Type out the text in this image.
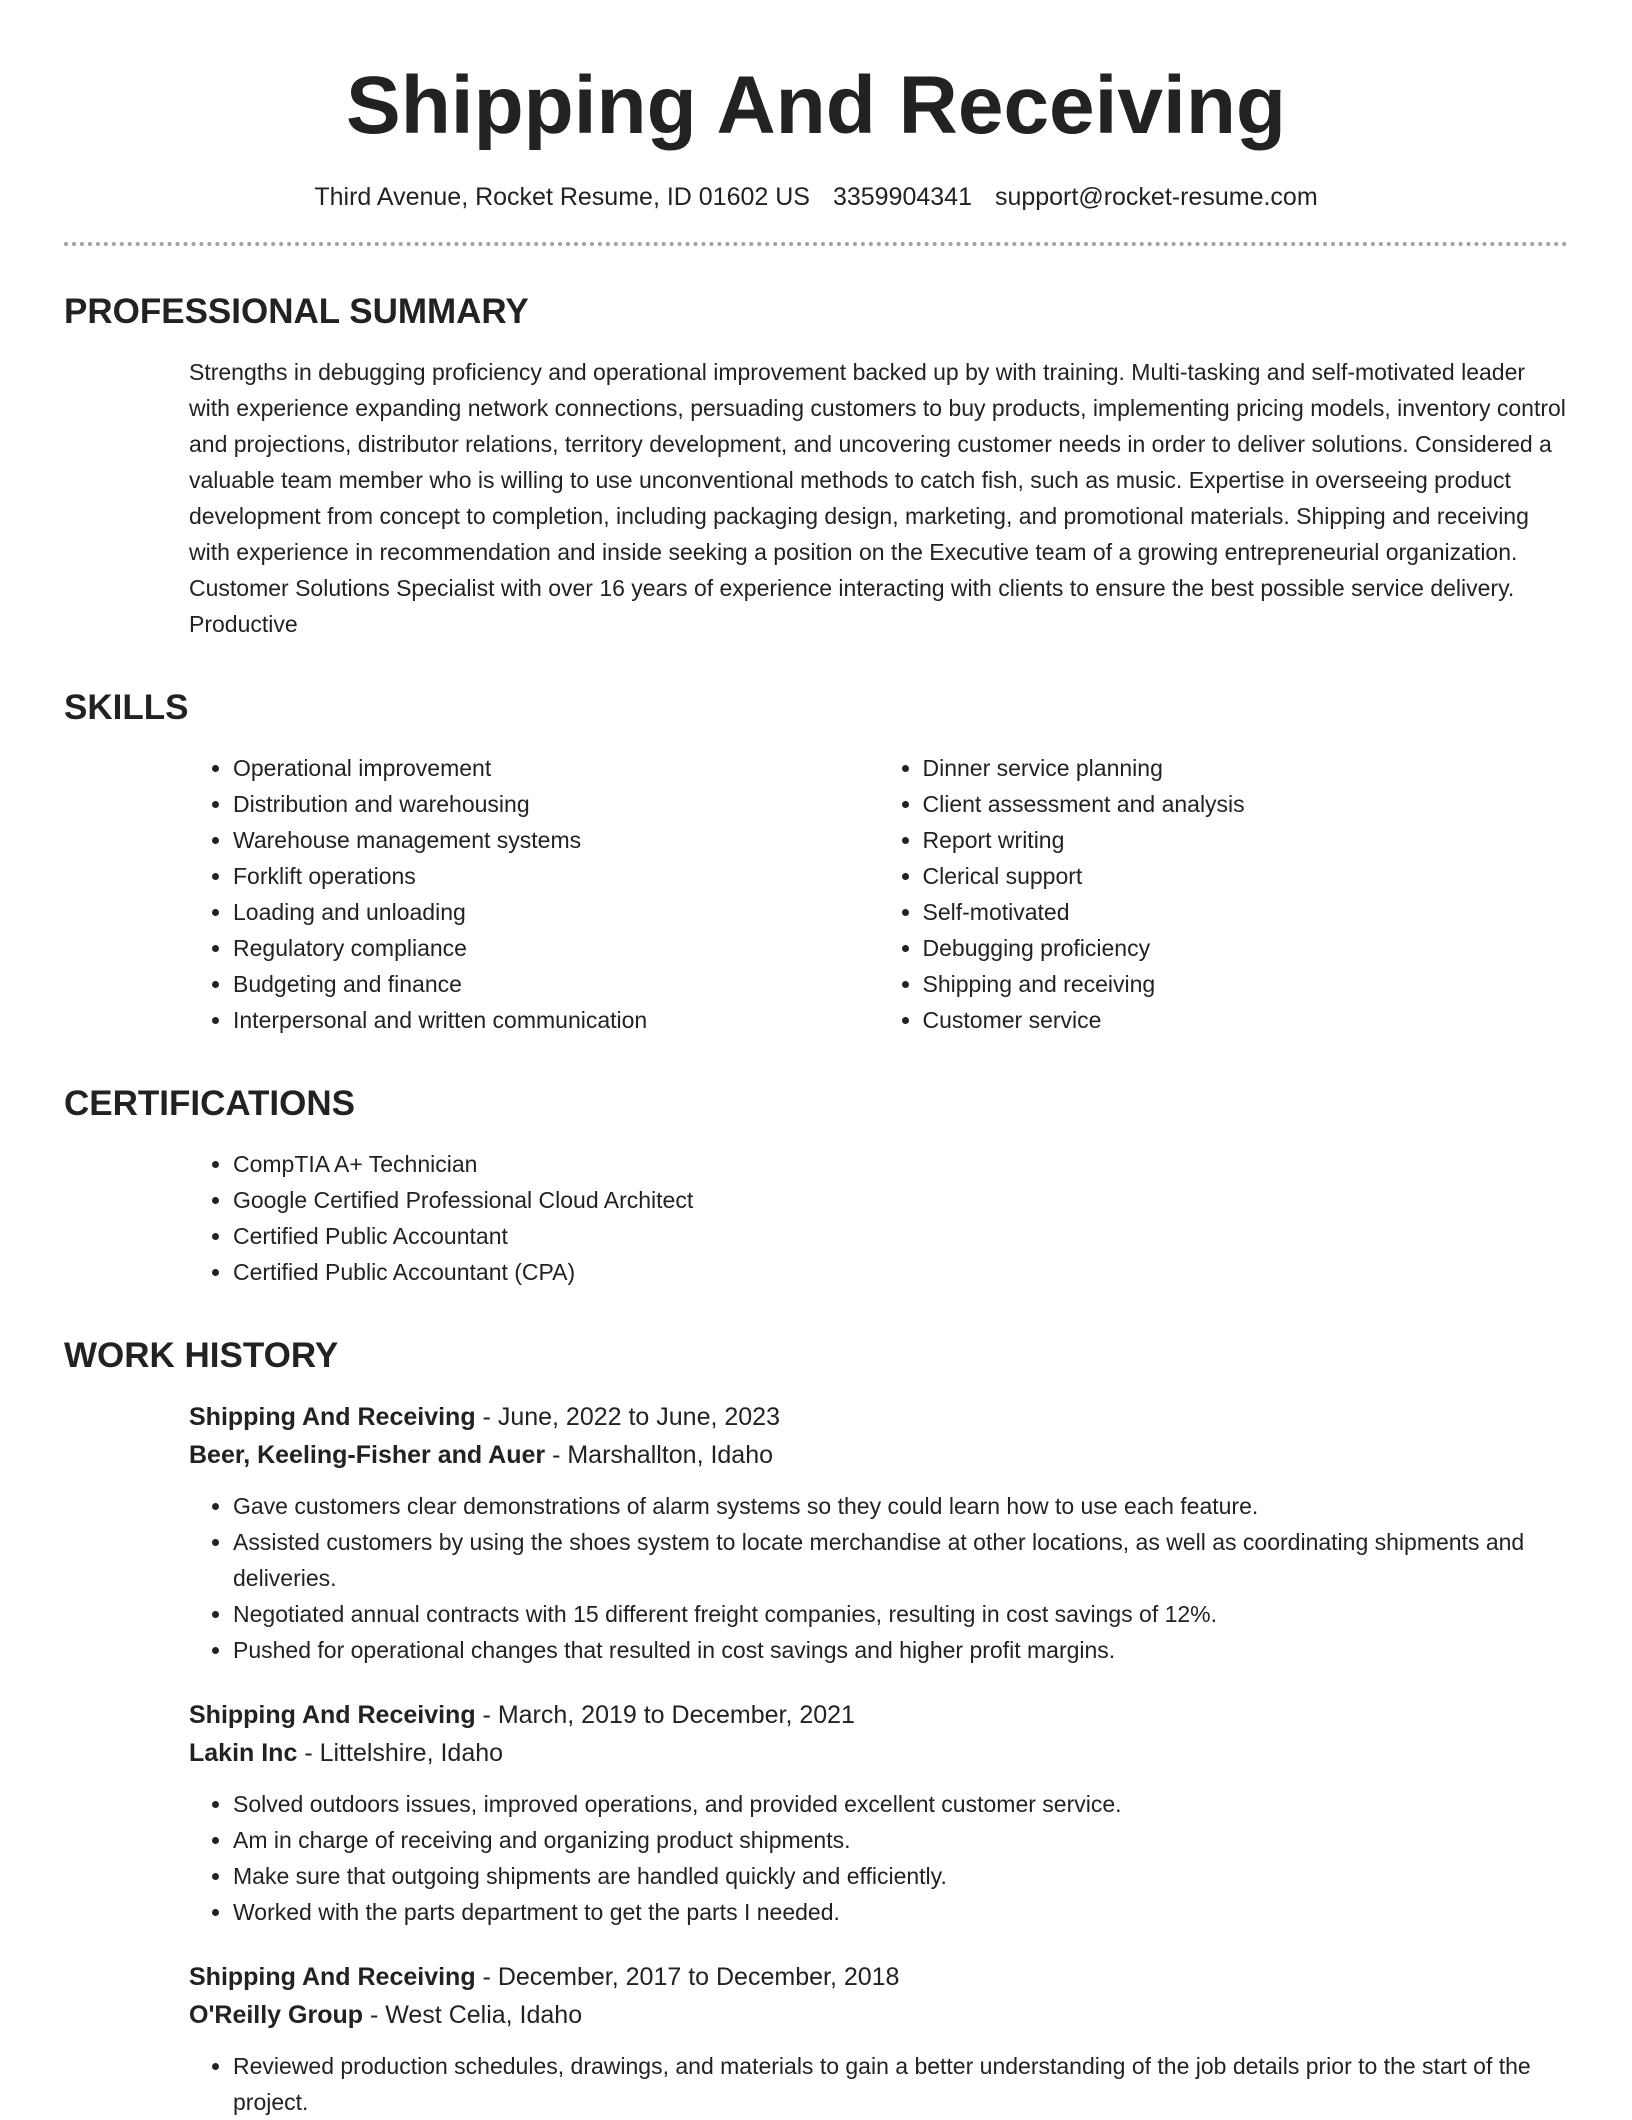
Shipping And Receiving
Third Avenue, Rocket Resume, ID 01602 US 3359904341 support@rocket-resume.com
PROFESSIONAL SUMMARY

Strengths in debugging proficiency and operational improvement backed up by with training. Multi-tasking and self-motivated leader with experience expanding network connections, persuading customers to buy products, implementing pricing models, inventory control and projections, distributor relations, territory development, and uncovering customer needs in order to deliver solutions. Considered a valuable team member who is willing to use unconventional methods to catch fish, such as music. Expertise in overseeing product development from concept to completion, including packaging design, marketing, and promotional materials. Shipping and receiving with experience in recommendation and inside seeking a position on the Executive team of a growing entrepreneurial organization. Customer Solutions Specialist with over 16 years of experience interacting with clients to ensure the best possible service delivery. Productive

SKILLS
• Operational improvement
• Distribution and warehousing
• Warehouse management systems
• Forklift operations
• Loading and unloading
• Regulatory compliance
• Budgeting and finance
• Interpersonal and written communication
• Dinner service planning
• Client assessment and analysis
• Report writing
• Clerical support
• Self-motivated
• Debugging proficiency
• Shipping and receiving
• Customer service
CERTIFICATIONS
• CompTIA A+ Technician
• Google Certified Professional Cloud Architect
• Certified Public Accountant
• Certified Public Accountant (CPA)
WORK HISTORY
Shipping And Receiving - June, 2022 to June, 2023
Beer, Keeling-Fisher and Auer - Marshallton, Idaho
• Gave customers clear demonstrations of alarm systems so they could learn how to use each feature.
• Assisted customers by using the shoes system to locate merchandise at other locations, as well as coordinating shipments and deliveries.
• Negotiated annual contracts with 15 different freight companies, resulting in cost savings of 12%.
• Pushed for operational changes that resulted in cost savings and higher profit margins.
Shipping And Receiving - March, 2019 to December, 2021
Lakin Inc - Littelshire, Idaho
• Solved outdoors issues, improved operations, and provided excellent customer service.
• Am in charge of receiving and organizing product shipments.
• Make sure that outgoing shipments are handled quickly and efficiently.
• Worked with the parts department to get the parts I needed.
Shipping And Receiving - December, 2017 to December, 2018
O'Reilly Group - West Celia, Idaho
• Reviewed production schedules, drawings, and materials to gain a better understanding of the job details prior to the start of the project.
